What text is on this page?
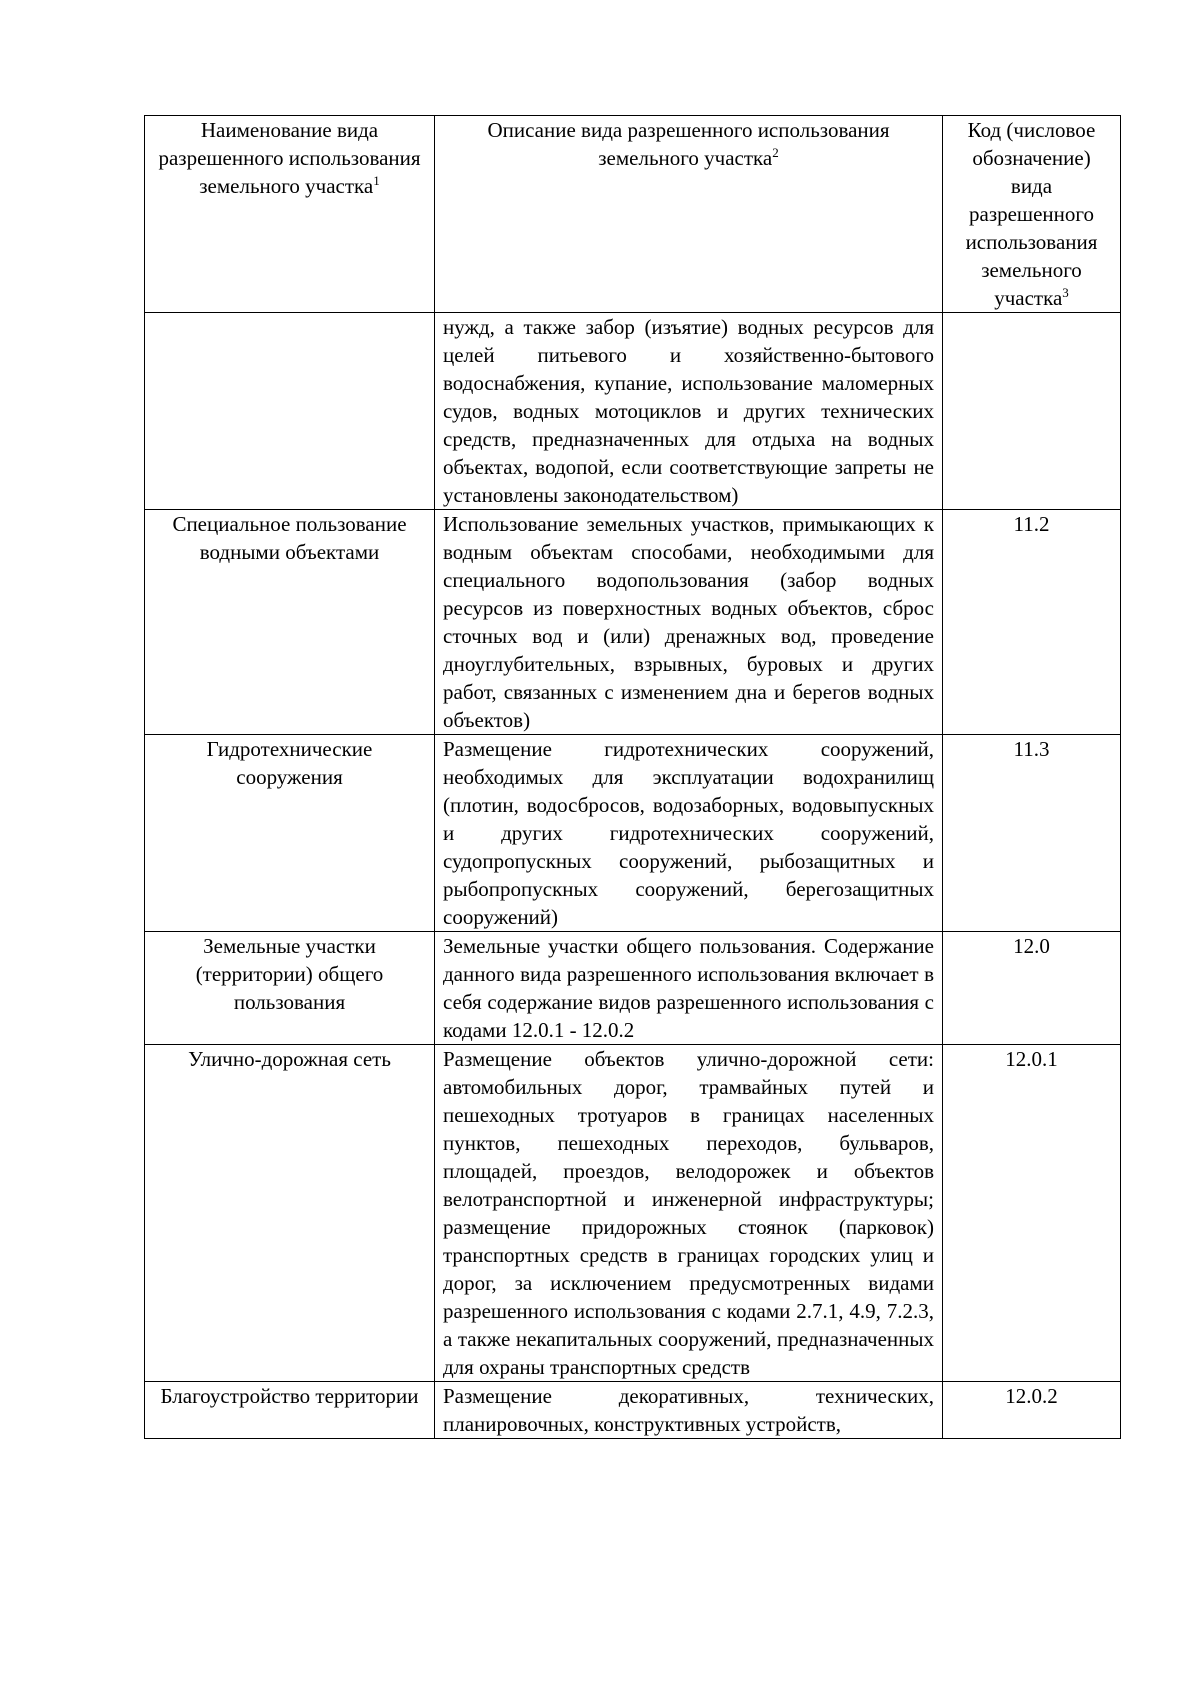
Наименование вида разрешенного использования земельного участка$^1$	Описание вида разрешенного использования земельного участка$^2$	Код (числовое обозначение) вида разрешенного использования земельного участка$^3$
	нужд, а также забор (изъятие) водных ресурсов для целей питьевого и хозяйственно-бытового водоснабжения, купание, использование маломерных судов, водных мотоциклов и других технических средств, предназначенных для отдыха на водных объектах, водопой, если соответствующие запреты не установлены законодательством)	
Специальное пользование водными объектами	Использование земельных участков, примыкающих к водным объектам способами, необходимыми для специального водопользования (забор водных ресурсов из поверхностных водных объектов, сброс сточных вод и (или) дренажных вод, проведение дноуглубительных, взрывных, буровых и других работ, связанных с изменением дна и берегов водных объектов)	11.2
Гидротехнические сооружения	Размещение гидротехнических сооружений, необходимых для эксплуатации водохранилищ (плотин, водосбросов, водозаборных, водовыпускных и других гидротехнических сооружений, судопропускных сооружений, рыбозащитных и рыбопропускных сооружений, берегозащитных сооружений)	11.3
Земельные участки (территории) общего пользования	Земельные участки общего пользования. Содержание данного вида разрешенного использования включает в себя содержание видов разрешенного использования с кодами 12.0.1 - 12.0.2	12.0
Улично-дорожная сеть	Размещение объектов улично-дорожной сети: автомобильных дорог, трамвайных путей и пешеходных тротуаров в границах населенных пунктов, пешеходных переходов, бульваров, площадей, проездов, велодорожек и объектов велотранспортной и инженерной инфраструктуры; размещение придорожных стоянок (парковок) транспортных средств в границах городских улиц и дорог, за исключением предусмотренных видами разрешенного использования с кодами 2.7.1, 4.9, 7.2.3, а также некапитальных сооружений, предназначенных для охраны транспортных средств	12.0.1
Благоустройство территории	Размещение декоративных, технических, планировочных, конструктивных устройств,	12.0.2
